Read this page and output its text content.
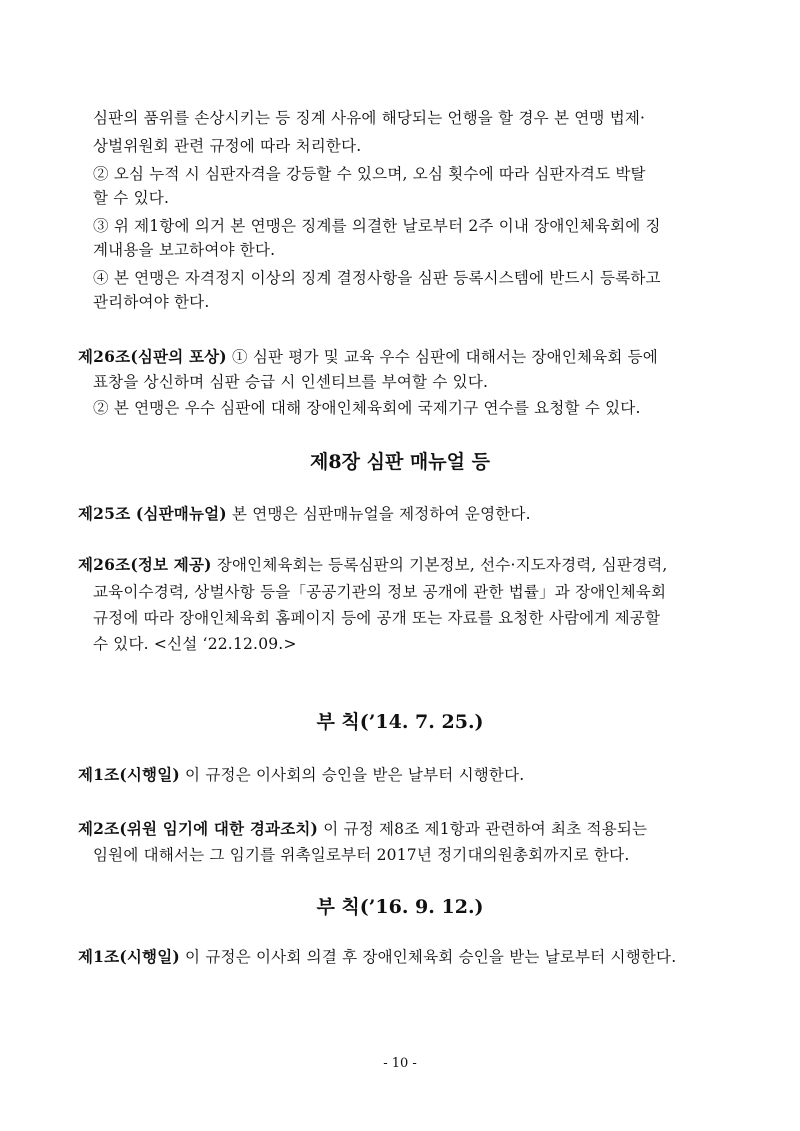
심판의 품위를 손상시키는 등 징계 사유에 해당되는 언행을 할 경우 본 연맹 법제·
상벌위원회 관련 규정에 따라 처리한다.
② 오심 누적 시 심판자격을 강등할 수 있으며, 오심 횟수에 따라 심판자격도 박탈
할 수 있다.
③ 위 제1항에 의거 본 연맹은 징계를 의결한 날로부터 2주 이내 장애인체육회에 징
계내용을 보고하여야 한다.
④ 본 연맹은 자격정지 이상의 징계 결정사항을 심판 등록시스템에 반드시 등록하고
관리하여야 한다.
제26조(심판의 포상) ① 심판 평가 및 교육 우수 심판에 대해서는 장애인체육회 등에
표창을 상신하며 심판 승급 시 인센티브를 부여할 수 있다.
② 본 연맹은 우수 심판에 대해 장애인체육회에 국제기구 연수를 요청할 수 있다.
제8장 심판 매뉴얼 등
제25조 (심판매뉴얼) 본 연맹은 심판매뉴얼을 제정하여 운영한다.
제26조(정보 제공) 장애인체육회는 등록심판의 기본정보, 선수·지도자경력, 심판경력,
교육이수경력, 상벌사항 등을「공공기관의 정보 공개에 관한 법률」과 장애인체육회
규정에 따라 장애인체육회 홈페이지 등에 공개 또는 자료를 요청한 사람에게 제공할
수 있다. <신설 ‘22.12.09.>
부 칙(’14. 7. 25.)
제1조(시행일) 이 규정은 이사회의 승인을 받은 날부터 시행한다.
제2조(위원 임기에 대한 경과조치) 이 규정 제8조 제1항과 관련하여 최초 적용되는
임원에 대해서는 그 임기를 위촉일로부터 2017년 정기대의원총회까지로 한다.
부 칙(’16. 9. 12.)
제1조(시행일) 이 규정은 이사회 의결 후 장애인체육회 승인을 받는 날로부터 시행한다.
- 10 -
